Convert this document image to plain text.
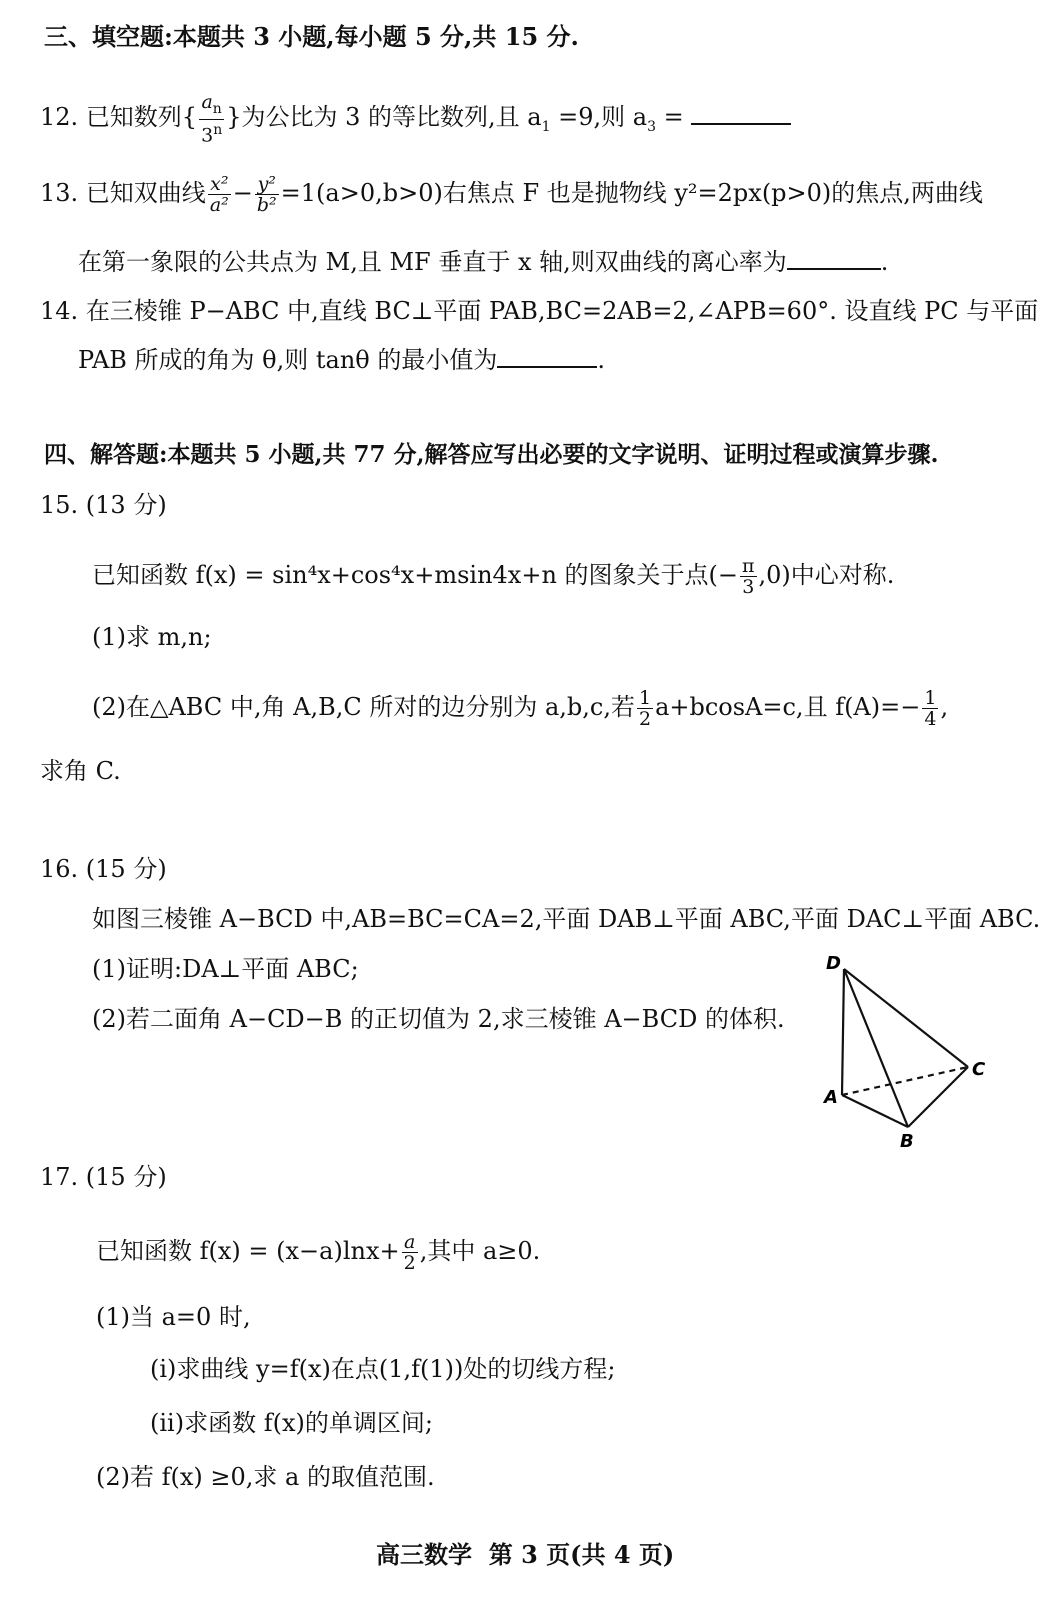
三、填空题:本题共 3 小题,每小题 5 分,共 15 分.
12. 已知数列{ $\frac{a_n}{3^n}$ }为公比为 3 的等比数列,且 $a_1 =9$,则 $a_3$ =
13. 已知双曲线 $\frac{\text{x²}}{\text{a²}} - \frac{\text{y²}}{\text{b²}} =1(a>0,b>0)$右焦点 F 也是抛物线 y²=2px(p>0)的焦点,两曲线
在第一象限的公共点为 M,且 MF 垂直于 x 轴,则双曲线的离心率为	.
14. 在三棱锥 P−ABC 中,直线 BC⊥平面 PAB,BC=2AB=2,∠APB=60°. 设直线 PC 与平面
PAB 所成的角为 θ,则 tanθ 的最小值为	.
四、解答题:本题共 5 小题,共 77 分,解答应写出必要的文字说明、证明过程或演算步骤.
15. (13 分)
已知函数 f(x) = sin⁴x+cos⁴x+msin4x+n 的图象关于点(− $\frac{\pi}{3} ,0$)中心对称.
(1)求 m,n;
(2)在△ABC 中,角 A,B,C 所对的边分别为 a,b,c,若 $\frac{1}{2} a+bcosA=c$,且 $f(A)=- \frac{1}{4}$ ,
求角 C.
16. (15 分)
如图三棱锥 A−BCD 中,AB=BC=CA=2,平面 DAB⊥平面 ABC,平面 DAC⊥平面 ABC.
(1)证明:DA⊥平面 ABC;
(2)若二面角 A−CD−B 的正切值为 2,求三棱锥 A−BCD 的体积.
D
A
B
C
17. (15 分)
已知函数 $f(x) = (x-a)\ln x+ \frac{a}{2}$ ,其中 a≥0.
(1)当 a=0 时,
(i)求曲线 y=f(x)在点(1,f(1))处的切线方程;
(ii)求函数 f(x)的单调区间;
(2)若 f(x) ≥0,求 a 的取值范围.
高三数学  第 3 页(共 4 页)
